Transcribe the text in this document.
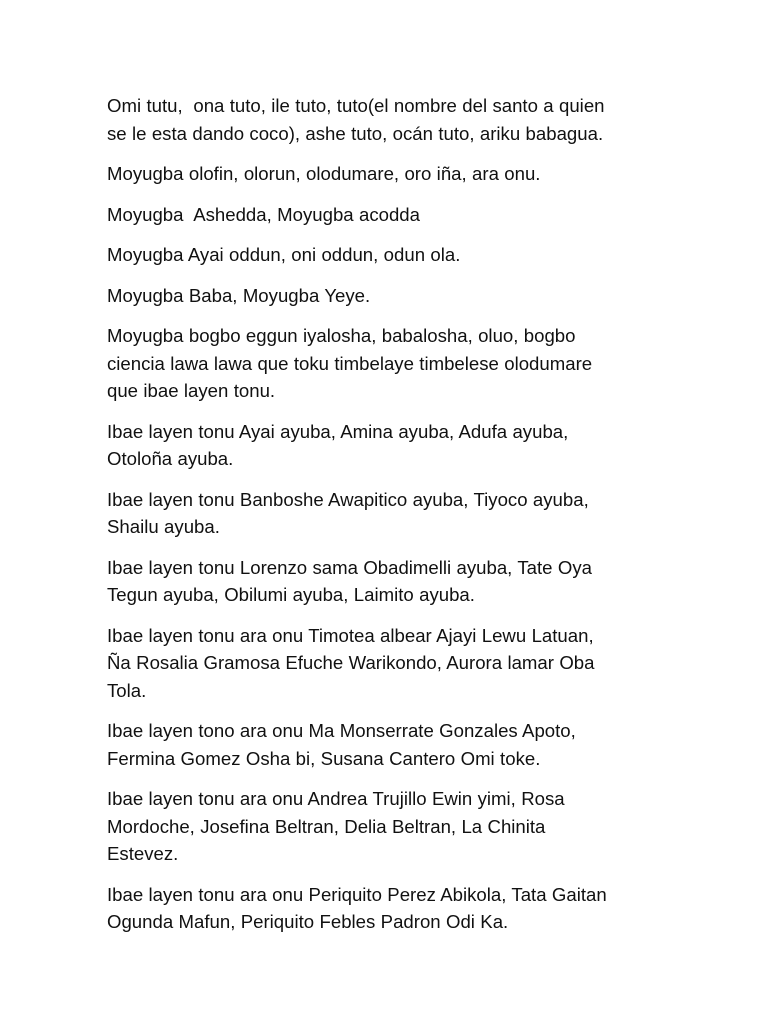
Omi tutu,  ona tuto, ile tuto, tuto(el nombre del santo a quien
se le esta dando coco), ashe tuto, ocán tuto, ariku babagua.

Moyugba olofin, olorun, olodumare, oro iña, ara onu.

Moyugba  Ashedda, Moyugba acodda

Moyugba Ayai oddun, oni oddun, odun ola.

Moyugba Baba, Moyugba Yeye.

Moyugba bogbo eggun iyalosha, babalosha, oluo, bogbo
ciencia lawa lawa que toku timbelaye timbelese olodumare
que ibae layen tonu.

Ibae layen tonu Ayai ayuba, Amina ayuba, Adufa ayuba,
Otoloña ayuba.

Ibae layen tonu Banboshe Awapitico ayuba, Tiyoco ayuba,
Shailu ayuba.

Ibae layen tonu Lorenzo sama Obadimelli ayuba, Tate Oya
Tegun ayuba, Obilumi ayuba, Laimito ayuba.

Ibae layen tonu ara onu Timotea albear Ajayi Lewu Latuan,
Ña Rosalia Gramosa Efuche Warikondo, Aurora lamar Oba
Tola.

Ibae layen tono ara onu Ma Monserrate Gonzales Apoto,
Fermina Gomez Osha bi, Susana Cantero Omi toke.

Ibae layen tonu ara onu Andrea Trujillo Ewin yimi, Rosa
Mordoche, Josefina Beltran, Delia Beltran, La Chinita
Estevez.

Ibae layen tonu ara onu Periquito Perez Abikola, Tata Gaitan
Ogunda Mafun, Periquito Febles Padron Odi Ka.
